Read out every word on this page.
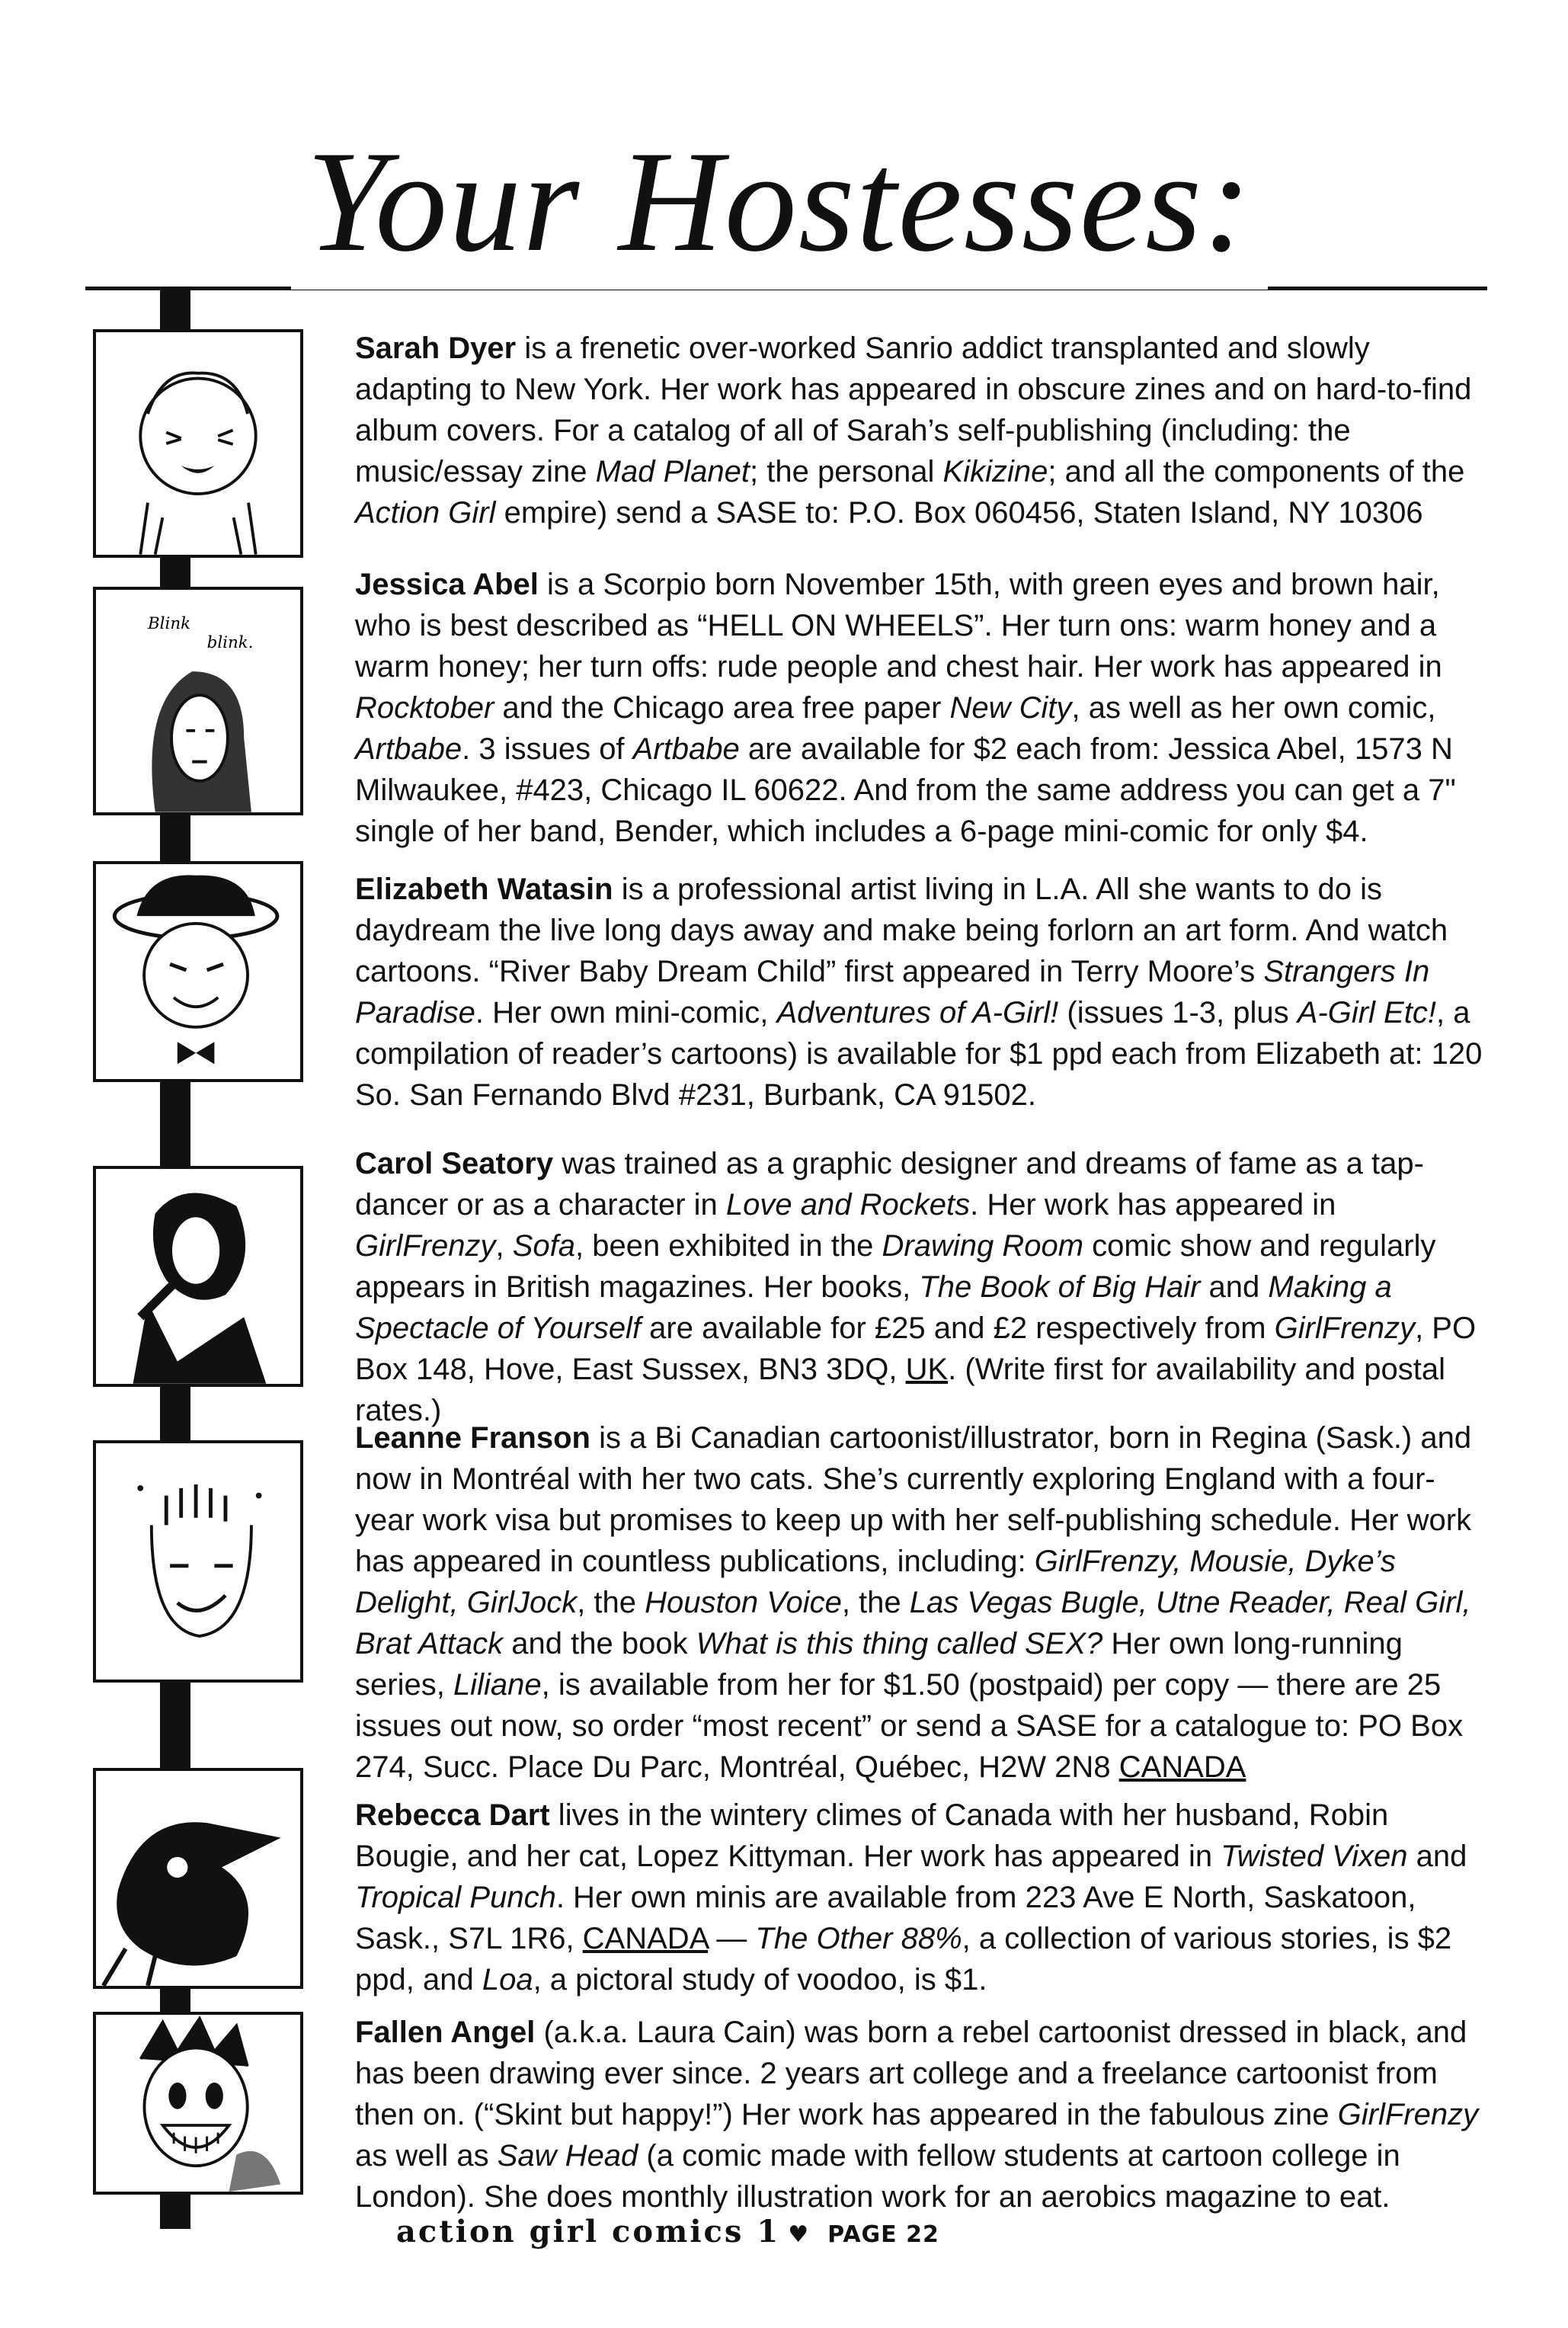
Your Hostesses:
Blink
blink.

Sarah Dyer is a frenetic over-worked Sanrio addict transplanted and slowly adapting to New York. Her work has appeared in obscure zines and on hard-to-find album covers. For a catalog of all of Sarah’s self-publishing (including: the music/essay zine Mad Planet; the personal Kikizine; and all the components of the Action Girl empire) send a SASE to: P.O. Box 060456, Staten Island, NY 10306

Jessica Abel is a Scorpio born November 15th, with green eyes and brown hair, who is best described as “HELL ON WHEELS”. Her turn ons: warm honey and a warm honey; her turn offs: rude people and chest hair. Her work has appeared in Rocktober and the Chicago area free paper New City, as well as her own comic, Artbabe. 3 issues of Artbabe are available for $2 each from: Jessica Abel, 1573 N Milwaukee, #423, Chicago IL 60622. And from the same address you can get a 7" single of her band, Bender, which includes a 6-page mini-comic for only $4.

Elizabeth Watasin is a professional artist living in L.A. All she wants to do is daydream the live long days away and make being forlorn an art form. And watch cartoons. “River Baby Dream Child” first appeared in Terry Moore’s Strangers In Paradise. Her own mini-comic, Adventures of A-Girl! (issues 1-3, plus A-Girl Etc!, a compilation of reader’s cartoons) is available for $1 ppd each from Elizabeth at: 120 So. San Fernando Blvd #231, Burbank, CA 91502.

Carol Seatory was trained as a graphic designer and dreams of fame as a tap-dancer or as a character in Love and Rockets. Her work has appeared in GirlFrenzy, Sofa, been exhibited in the Drawing Room comic show and regularly appears in British magazines. Her books, The Book of Big Hair and Making a Spectacle of Yourself are available for £25 and £2 respectively from GirlFrenzy, PO Box 148, Hove, East Sussex, BN3 3DQ, UK. (Write first for availability and postal rates.)

Leanne Franson is a Bi Canadian cartoonist/illustrator, born in Regina (Sask.) and now in Montréal with her two cats. She’s currently exploring England with a four-year work visa but promises to keep up with her self-publishing schedule. Her work has appeared in countless publications, including: GirlFrenzy, Mousie, Dyke’s Delight, GirlJock, the Houston Voice, the Las Vegas Bugle, Utne Reader, Real Girl, Brat Attack and the book What is this thing called SEX? Her own long-running series, Liliane, is available from her for $1.50 (postpaid) per copy — there are 25 issues out now, so order “most recent” or send a SASE for a catalogue to: PO Box 274, Succ. Place Du Parc, Montréal, Québec, H2W 2N8 CANADA

Rebecca Dart lives in the wintery climes of Canada with her husband, Robin Bougie, and her cat, Lopez Kittyman. Her work has appeared in Twisted Vixen and Tropical Punch. Her own minis are available from 223 Ave E North, Saskatoon, Sask., S7L 1R6, CANADA — The Other 88%, a collection of various stories, is $2 ppd, and Loa, a pictoral study of voodoo, is $1.

Fallen Angel (a.k.a. Laura Cain) was born a rebel cartoonist dressed in black, and has been drawing ever since. 2 years art college and a freelance cartoonist from then on. (“Skint but happy!”) Her work has appeared in the fabulous zine GirlFrenzy as well as Saw Head (a comic made with fellow students at cartoon college in London). She does monthly illustration work for an aerobics magazine to eat.

action girl comics 1 ♥ PAGE 22
